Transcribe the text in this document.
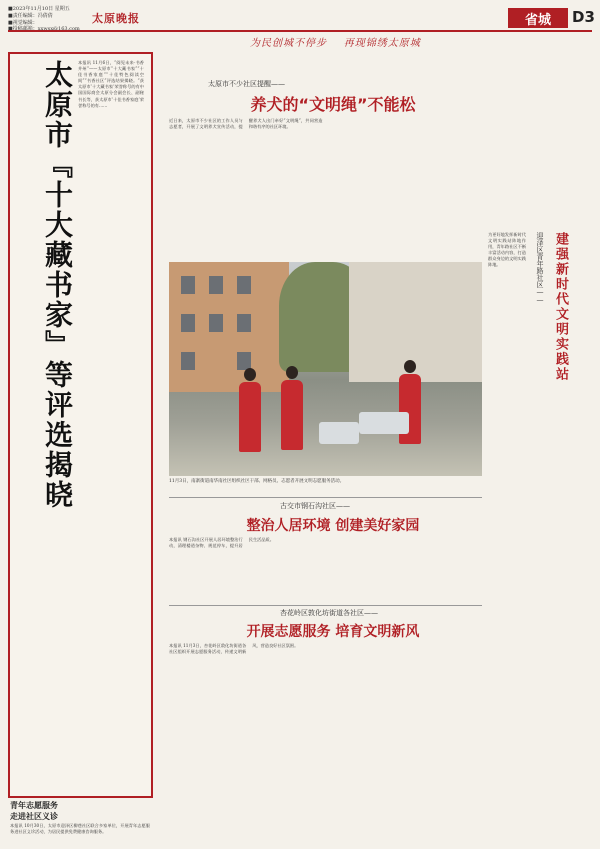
■2023年11月10日 星期五
■责任编辑：冯倩倩
■视觉编辑：	太原晚报	省城	D3
为民创城不停步 再现锦绣太原城
太原市『十大藏书家』等评选揭晓 本报讯 11月6日，“阅见未来·书香并州”——太原市“十大藏书家”“十佳书香家庭”“十佳特色阅读空间”“书香社区”评选结果揭晓。“获太原市‘十大藏书家’荣誉称号的有中国国际商会太原分会副会长、副秘书长等，获太原市‘十佳书香家庭’荣誉称号的有……
青年志愿服务
走进社区义诊
本报讯 10月30日，太原市迎泽区柳巷社区联合多家单位，开展青年志愿服务进社区义诊活动，为居民提供免费健康咨询服务。
太原市不少社区提醒——
养犬的“文明绳”不能松
近日来，太原市不少社区的工作人员与志愿者，开展了文明养犬宣传活动，提醒养犬人出门牵好“文明绳”，共同营造和谐有序的社区环境。
11月3日，南寨街道南华南社区组织社区干部、网格员、志愿者开展文明志愿服务活动。
古交市钢石沟社区——
整治人居环境 创建美好家园
本报讯 钢石沟社区开展人居环境整治行动，清理楼道杂物、规范停车，提升居民生活品质。
杏花岭区敦化坊街道各社区——
开展志愿服务 培育文明新风
本报讯 11月3日，杏花岭区敦化坊街道各社区组织开展志愿服务活动，传递文明新风，营造良好社区氛围。
迎泽区青年路社区—— 建强新时代文明实践站
为更好地发挥新时代文明实践站阵地作用，青年路社区不断丰富活动内容，打造群众身边的文明实践阵地。
